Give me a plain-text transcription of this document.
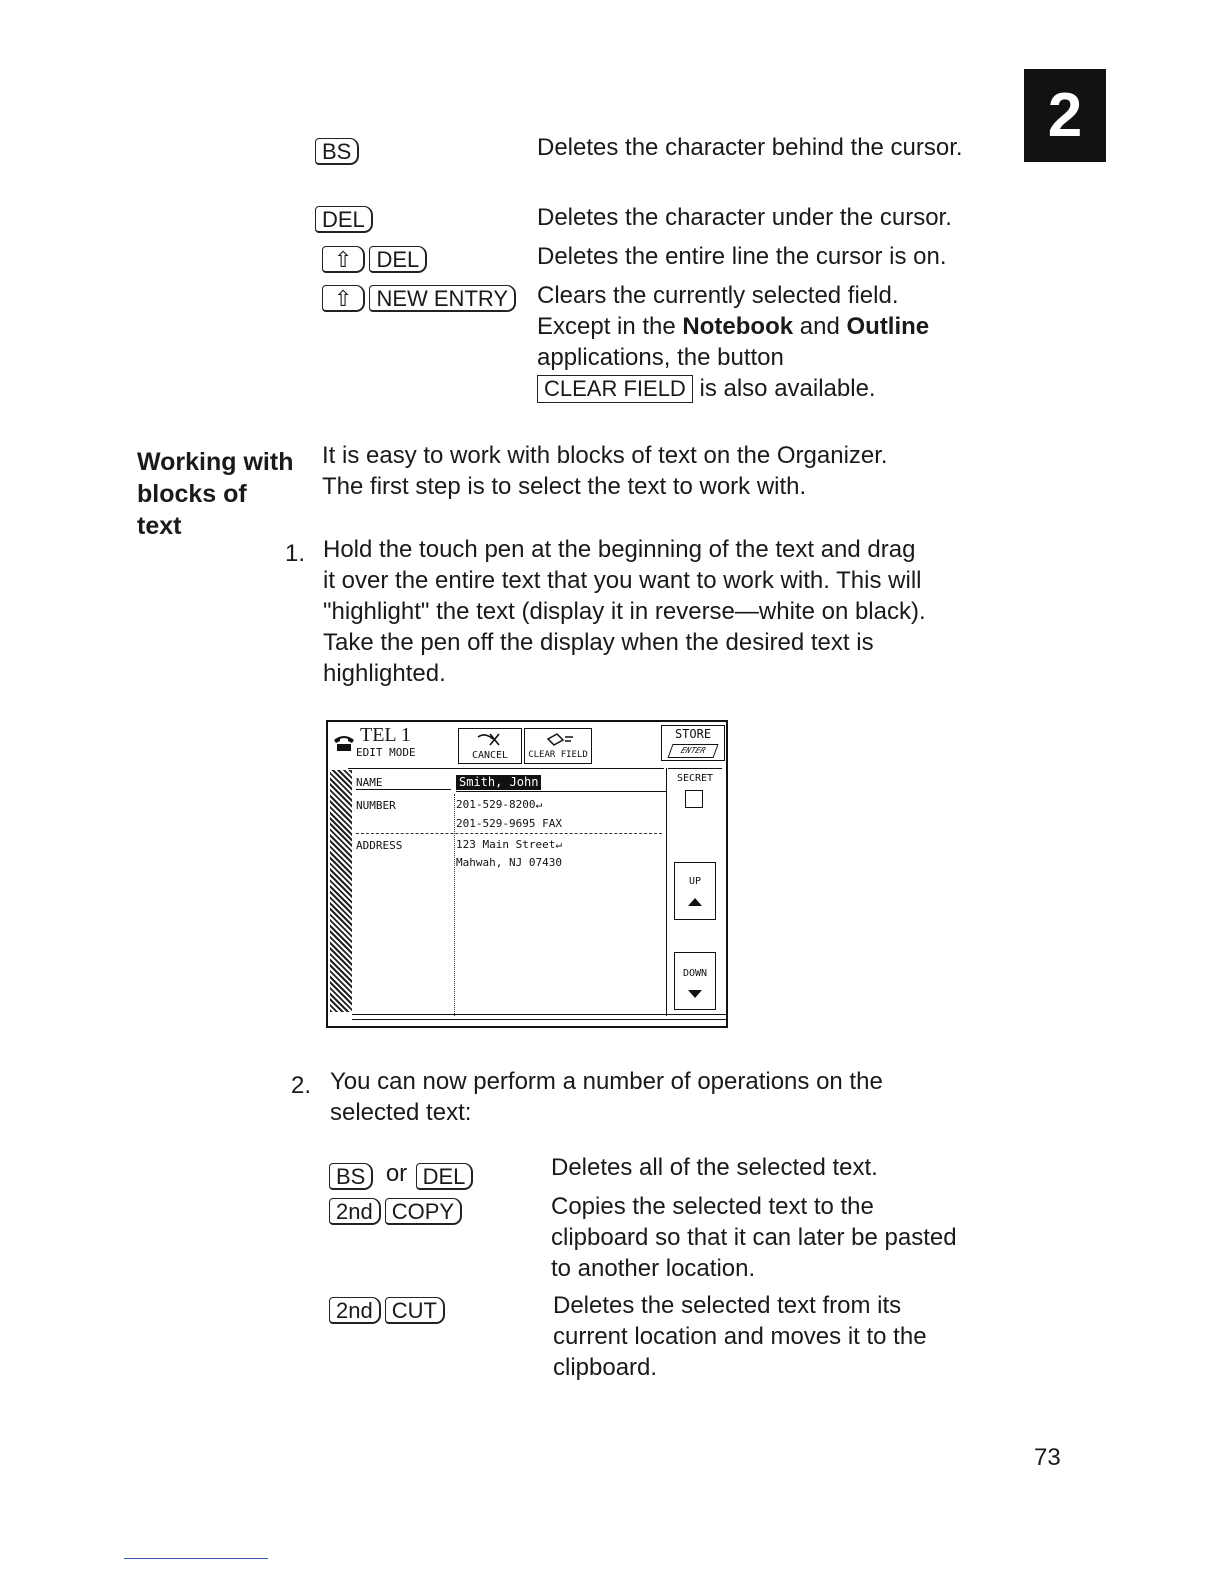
2
BS	Deletes the character behind the cursor.
DEL	Deletes the character under the cursor.
⇧ DEL	Deletes the entire line the cursor is on.
⇧ NEW ENTRY	Clears the currently selected field.
Except in the Notebook and Outline
applications, the button
CLEAR FIELD is also available.
Working with
blocks of
text
It is easy to work with blocks of text on the Organizer.
The first step is to select the text to work with.
1. Hold the touch pen at the beginning of the text and drag
it over the entire text that you want to work with. This will
"highlight" the text (display it in reverse—white on black).
Take the pen off the display when the desired text is
highlighted.
TEL 1
EDIT MODE	CANCEL	CLEAR FIELD
STORE
ENTER
NAME	Smith, John
NUMBER	201-529-8200↵
201-529-9695 FAX
ADDRESS	123 Main Street↵
Mahwah, NJ 07430
SECRET
UP
DOWN
2. You can now perform a number of operations on the
selected text:
BS or DEL	Deletes all of the selected text.
2nd COPY	Copies the selected text to the
clipboard so that it can later be pasted
to another location.
2nd CUT	Deletes the selected text from its
current location and moves it to the
clipboard.
73
